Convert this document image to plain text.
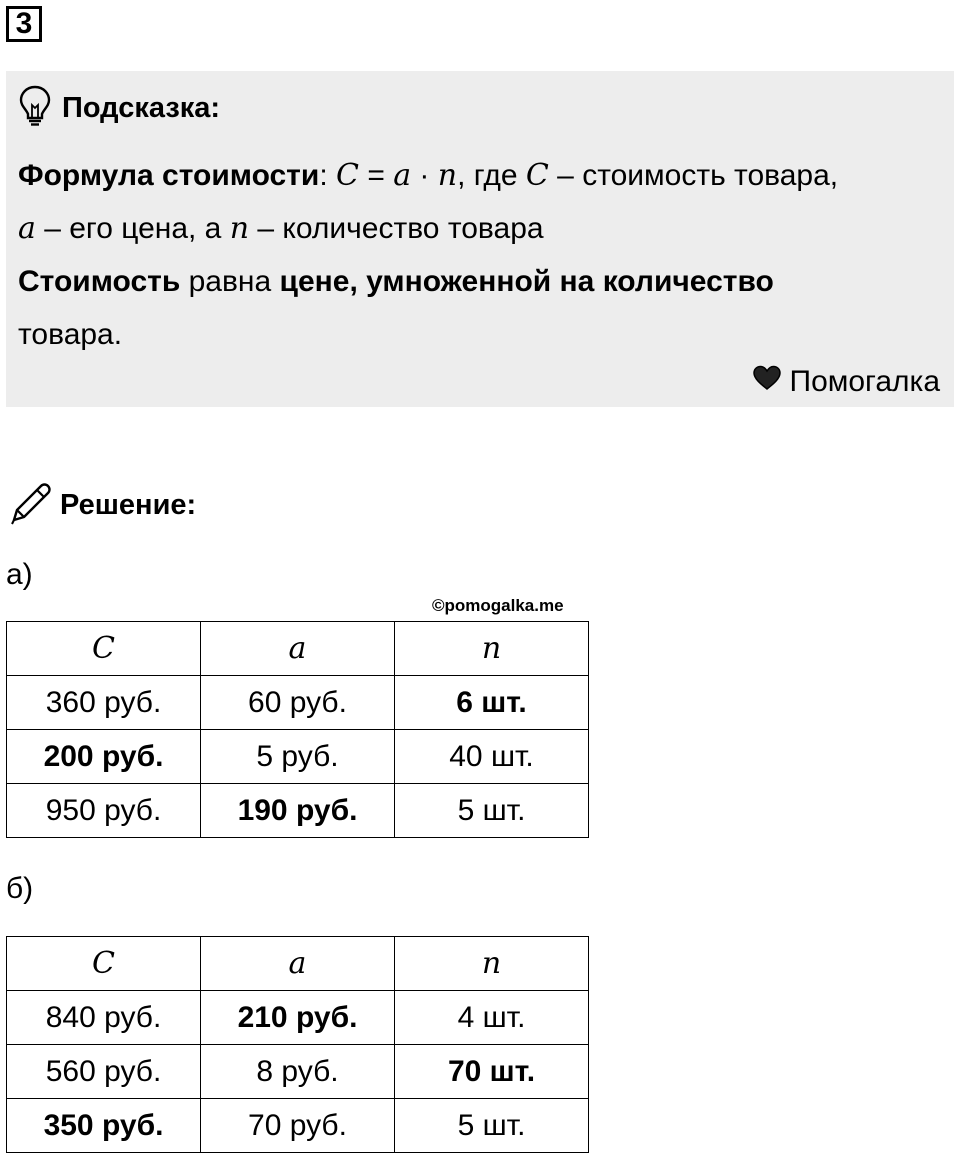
3
Подсказка:

Формула стоимости: C = a · n, где C – стоимость товара,

a – его цена, а n – количество товара

Стоимость равна цене, умноженной на количество

товара.

Помогалка
Решение:
а)
©pomogalka.me
C	a	n
360 руб.	60 руб.	6 шт.
200 руб.	5 руб.	40 шт.
950 руб.	190 руб.	5 шт.
б)
C	a	n
840 руб.	210 руб.	4 шт.
560 руб.	8 руб.	70 шт.
350 руб.	70 руб.	5 шт.
